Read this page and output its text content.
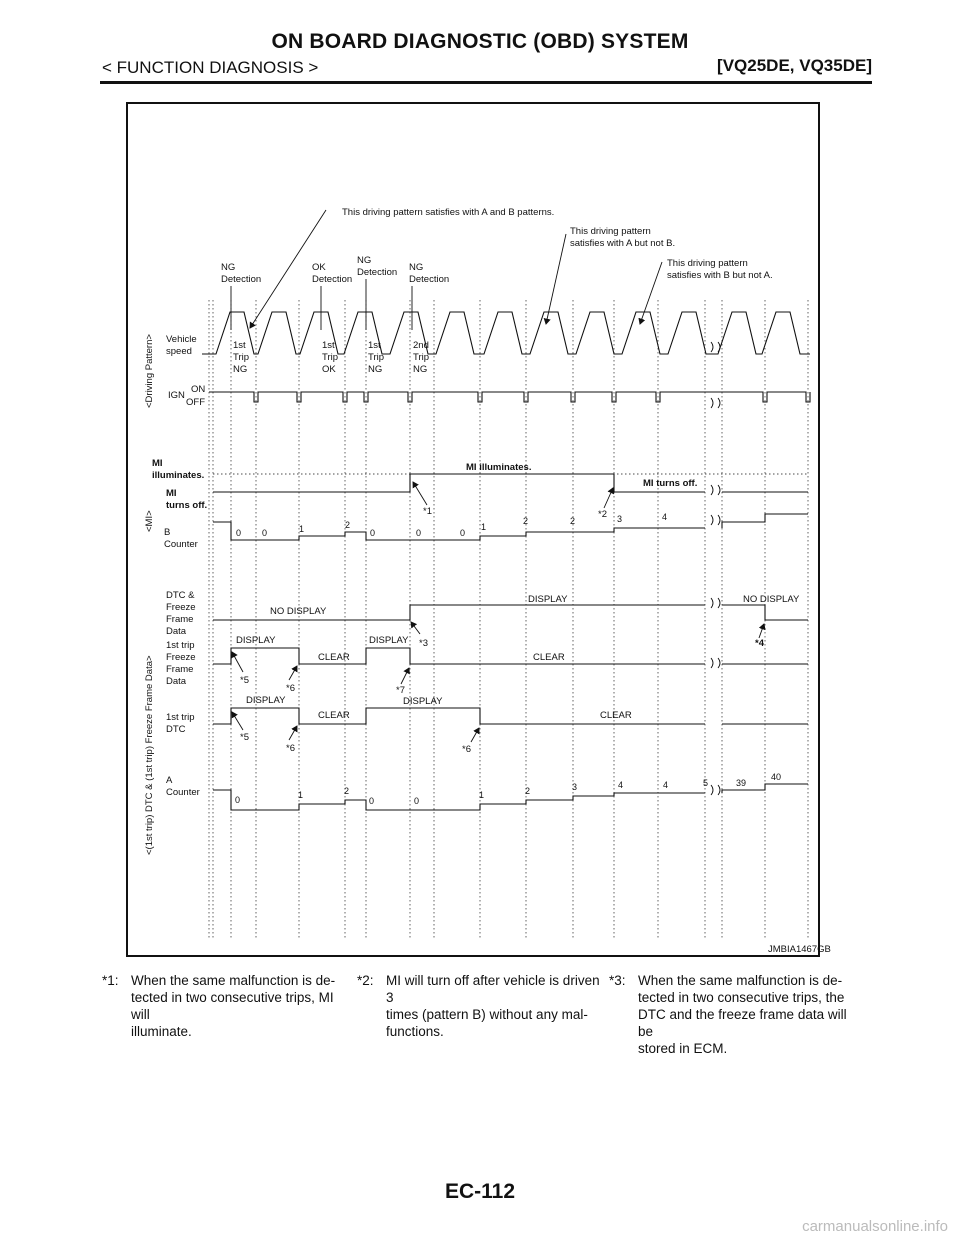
ON BOARD DIAGNOSTIC (OBD) SYSTEM
< FUNCTION DIAGNOSIS >	[VQ25DE, VQ35DE]
<Driving Pattern>
<MI>
<(1st trip) DTC & (1st trip) Freeze Frame Data>
Vehicle
speed
IGN
ON
OFF
MI
illuminates.
MI
turns off.
B
Counter
DTC &
Freeze
Frame
Data
1st trip
Freeze
Frame
Data
1st trip
DTC
A
Counter
This driving pattern satisfies with A and B patterns.
This driving pattern
satisfies with A but not B.
This driving pattern
satisfies with B but not A.
NG
Detection
OK
Detection
NG
Detection NG
Detection
1st
Trip
NG
1st
Trip
OK
1st
Trip
NG
2nd
Trip
NG
MI illuminates.
MI turns off.
0 0	1	2
0	0	0
1
2	2	3	4
NO DISPLAY
DISPLAY	NO DISPLAY
DISPLAY
CLEAR
DISPLAY
CLEAR
DISPLAY
CLEAR
DISPLAY
CLEAR
0	1	2
0	0
1	2	3	4	4	5	39
40
*1	*2
*3	*4
*5
*6	*7
*5
*6	*6
JMBIA1467GB
*1: When the same malfunction is de-
tected in two consecutive trips, MI will
illuminate.
*2: MI will turn off after vehicle is driven 3
times (pattern B) without any mal-
functions.
*3: When the same malfunction is de-
tected in two consecutive trips, the
DTC and the freeze frame data will be
stored in ECM.
EC-112
carmanualsonline.info
